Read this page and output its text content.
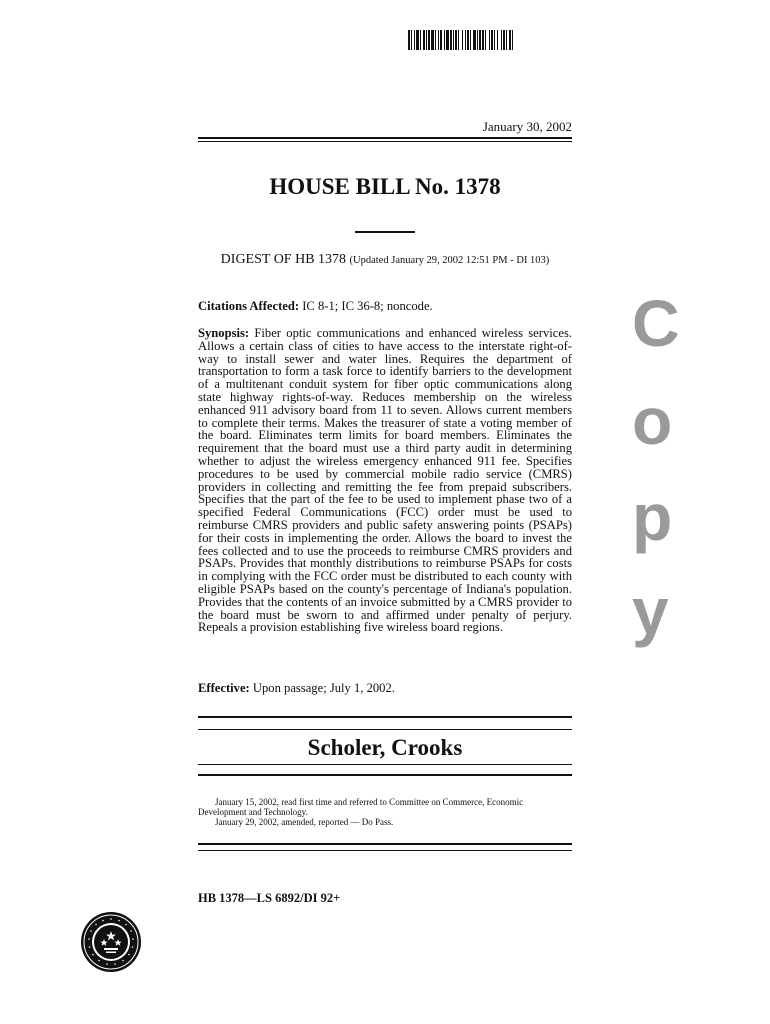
January 30, 2002
HOUSE BILL No. 1378
DIGEST OF HB 1378 (Updated January 29, 2002 12:51 PM - DI 103)

Citations Affected: IC 8-1; IC 36-8; noncode.

Synopsis: Fiber optic communications and enhanced wireless services. Allows a certain class of cities to have access to the interstate right-of-way to install sewer and water lines. Requires the department of transportation to form a task force to identify barriers to the development of a multitenant conduit system for fiber optic communications along state highway rights-of-way. Reduces membership on the wireless enhanced 911 advisory board from 11 to seven. Allows current members to complete their terms. Makes the treasurer of state a voting member of the board. Eliminates term limits for board members. Eliminates the requirement that the board must use a third party audit in determining whether to adjust the wireless emergency enhanced 911 fee. Specifies procedures to be used by commercial mobile radio service (CMRS) providers in collecting and remitting the fee from prepaid subscribers. Specifies that the part of the fee to be used to implement phase two of a specified Federal Communications (FCC) order must be used to reimburse CMRS providers and public safety answering points (PSAPs) for their costs in implementing the order. Allows the board to invest the fees collected and to use the proceeds to reimburse CMRS providers and PSAPs. Provides that monthly distributions to reimburse PSAPs for costs in complying with the FCC order must be distributed to each county with eligible PSAPs based on the county's percentage of Indiana's population. Provides that the contents of an invoice submitted by a CMRS provider to the board must be sworn to and affirmed under penalty of perjury. Repeals a provision establishing five wireless board regions.

Effective: Upon passage; July 1, 2002.

C
o
p
y
Scholer, Crooks

January 15, 2002, read first time and referred to Committee on Commerce, Economic Development and Technology.

January 29, 2002, amended, reported — Do Pass.

HB 1378—LS 6892/DI 92+
